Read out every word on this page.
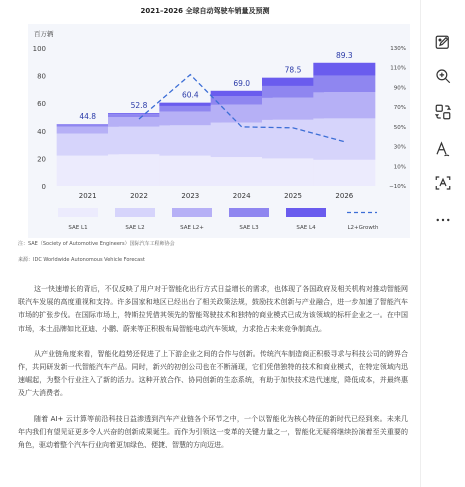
2021–2026 全球自动驾驶车销量及预测
百万辆
0
20
40
60
80
100
−10%
10%
30%
50%
70%
90%
110%
130%
44.8
2021
52.8
2022
60.4
2023
69.0
2024
78.5
2025
89.3
2026
SAE L1	SAE L2	SAE L2+	SAE L3	SAE L4	L2+Growth
注：SAE（Society of Automotive Engineers）国际汽车工程师协会
来源：IDC Worldwide Autonomous Vehicle Forecast

这一快速增长的背后，不仅反映了用户对于智能化出行方式日益增长的需求，也体现了各国政府及相关机构对推动智能网联汽车发展的高度重视和支持。许多国家和地区已经出台了相关政策法规，鼓励技术创新与产业融合，进一步加速了智能汽车市场的扩张步伐。在国际市场上，特斯拉凭借其领先的智能驾驶技术和独特的商业模式已成为该领域的标杆企业之一。在中国市场，本土品牌如比亚迪、小鹏、蔚来等正积极布局智能电动汽车领域，力求抢占未来竞争制高点。

从产业链角度来看，智能化趋势还促进了上下游企业之间的合作与创新。传统汽车制造商正积极寻求与科技公司的跨界合作，共同研发新一代智能汽车产品。同时，新兴的初创公司也在不断涌现，它们凭借独特的技术和商业模式，在特定领域内迅速崛起，为整个行业注入了新的活力。这种开放合作、协同创新的生态系统，有助于加快技术迭代速度，降低成本，并最终惠及广大消费者。

随着 AI+ 云计算等前沿科技日益渗透到汽车产业链各个环节之中，一个以智能化为核心特征的新时代已经到来。未来几年内我们有望见证更多令人兴奋的创新成果诞生。而作为引领这一变革的关键力量之一，智能化无疑将继续扮演着至关重要的角色，驱动着整个汽车行业向着更加绿色、便捷、智慧的方向迈进。
